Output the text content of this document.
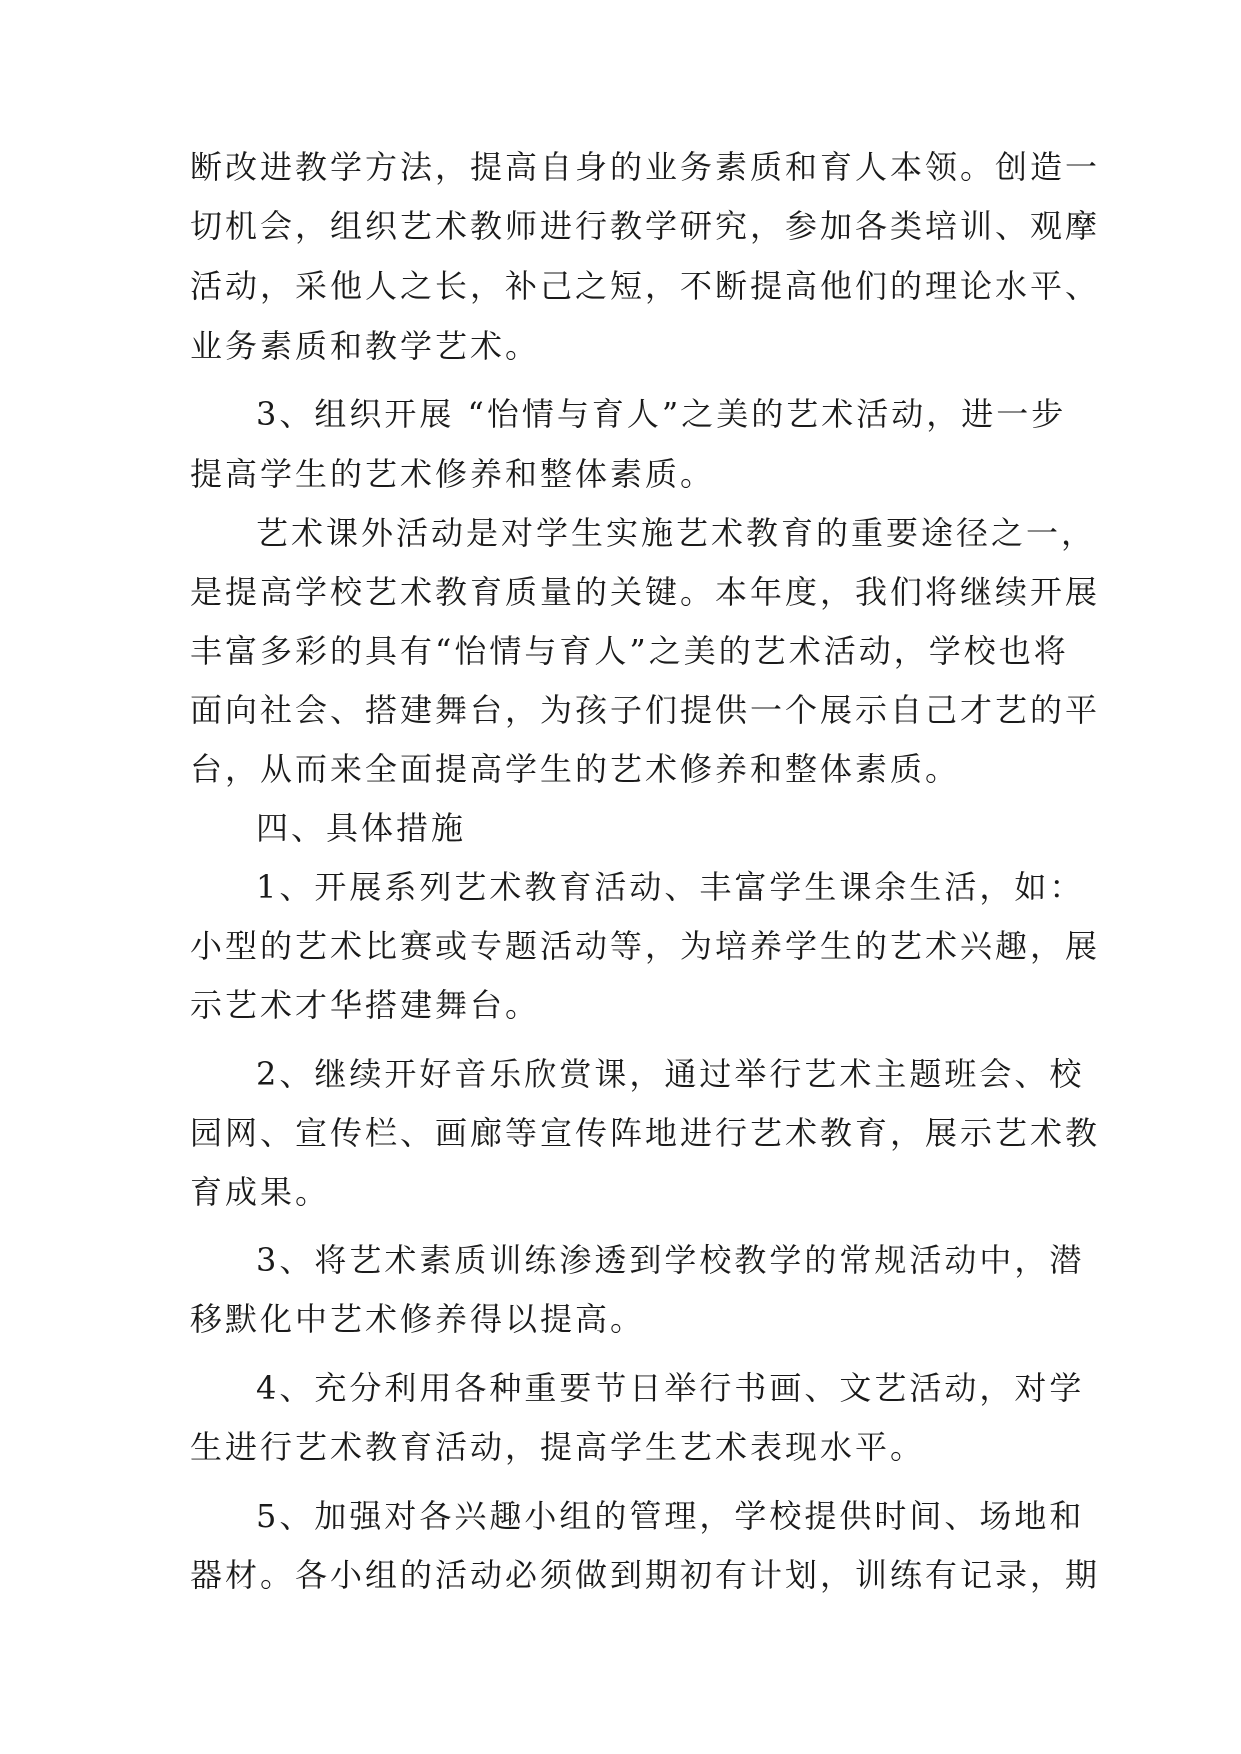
断改进教学方法，提高自身的业务素质和育人本领。创造一

切机会，组织艺术教师进行教学研究，参加各类培训、观摩

活动，采他人之长，补己之短，不断提高他们的理论水平、

业务素质和教学艺术。

3、组织开展 “怡情与育人”之美的艺术活动，进一步

提高学生的艺术修养和整体素质。

艺术课外活动是对学生实施艺术教育的重要途径之一，

是提高学校艺术教育质量的关键。本年度，我们将继续开展

丰富多彩的具有“怡情与育人”之美的艺术活动，学校也将

面向社会、搭建舞台，为孩子们提供一个展示自己才艺的平

台，从而来全面提高学生的艺术修养和整体素质。

四、具体措施

1、开展系列艺术教育活动、丰富学生课余生活，如：

小型的艺术比赛或专题活动等，为培养学生的艺术兴趣，展

示艺术才华搭建舞台。

2、继续开好音乐欣赏课，通过举行艺术主题班会、校

园网、宣传栏、画廊等宣传阵地进行艺术教育，展示艺术教

育成果。

3、将艺术素质训练渗透到学校教学的常规活动中，潜

移默化中艺术修养得以提高。

4、充分利用各种重要节日举行书画、文艺活动，对学

生进行艺术教育活动，提高学生艺术表现水平。

5、加强对各兴趣小组的管理，学校提供时间、场地和

器材。各小组的活动必须做到期初有计划，训练有记录，期
